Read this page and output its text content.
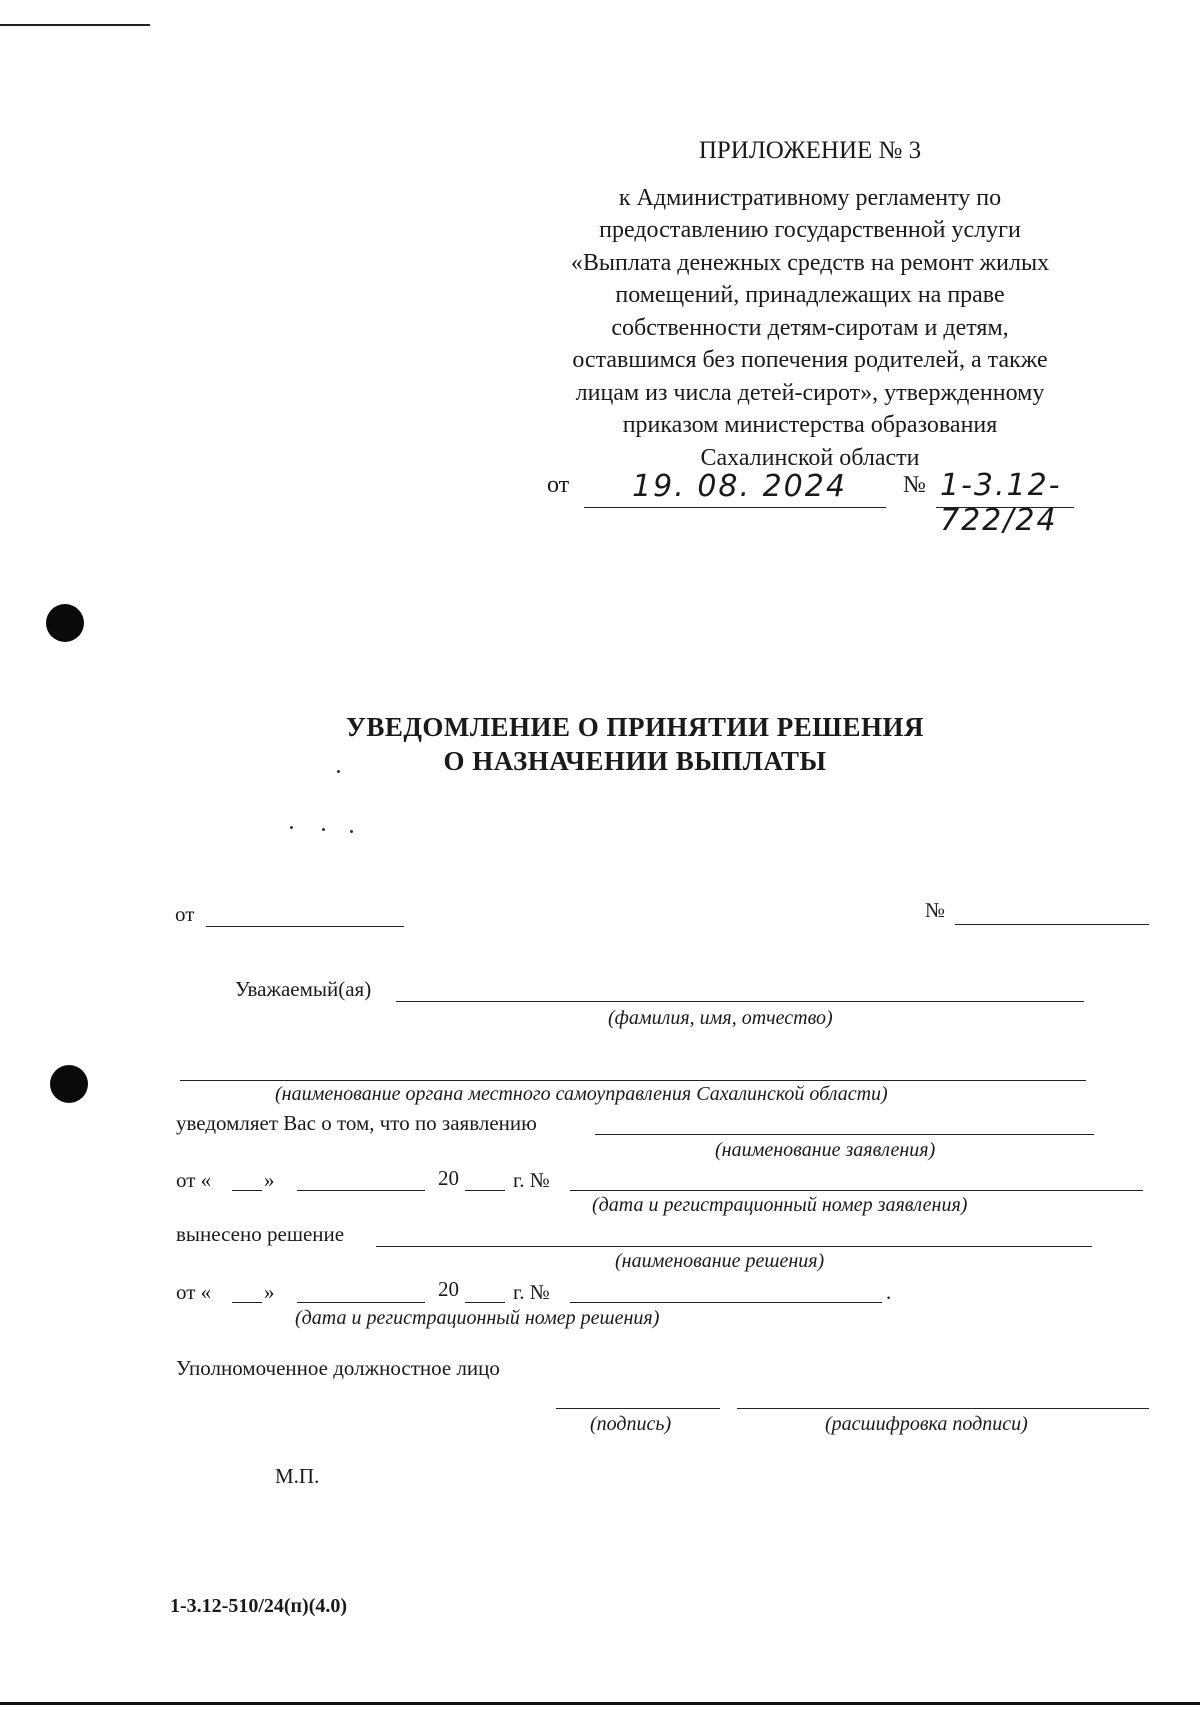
ПРИЛОЖЕНИЕ № 3
к Административному регламенту по
предоставлению государственной услуги
«Выплата денежных средств на ремонт жилых
помещений, принадлежащих на праве
собственности детям-сиротам и детям,
оставшимся без попечения родителей, а также
лицам из числа детей-сирот», утвержденному
приказом министерства образования
Сахалинской области
от	19. 08. 2024	№ 1-3.12-722/24
УВЕДОМЛЕНИЕ О ПРИНЯТИИ РЕШЕНИЯ
О НАЗНАЧЕНИИ ВЫПЛАТЫ
от	№
Уважаемый(ая)
(фамилия, имя, отчество)
(наименование органа местного самоуправления Сахалинской области)
уведомляет Вас о том, что по заявлению
(наименование заявления)
от «	»	20	г. №
(дата и регистрационный номер заявления)
вынесено решение
(наименование решения)
от «	»	20	г. №	.
(дата и регистрационный номер решения)
Уполномоченное должностное лицо
(подпись)	(расшифровка подписи)
М.П.
1-3.12-510/24(п)(4.0)
